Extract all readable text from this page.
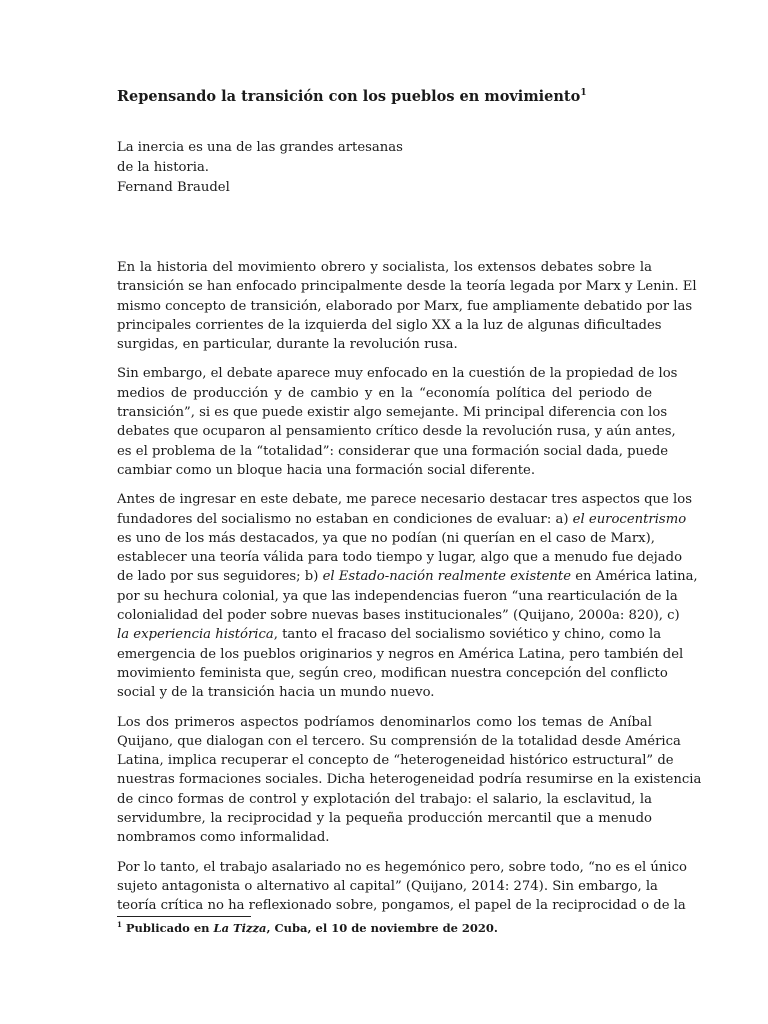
Repensando la transición con los pueblos en movimiento$^1$
La inercia es una de las grandes artesanas
de la historia.
Fernand Braudel

En la historia del movimiento obrero y socialista, los extensos debates sobre la
transición se han enfocado principalmente desde la teoría legada por Marx y Lenin. El
mismo concepto de transición, elaborado por Marx, fue ampliamente debatido por las
principales corrientes de la izquierda del siglo XX a la luz de algunas dificultades
surgidas, en particular, durante la revolución rusa.

Sin embargo, el debate aparece muy enfocado en la cuestión de la propiedad de los
medios de producción y de cambio y en la “economía política del periodo de
transición”, si es que puede existir algo semejante. Mi principal diferencia con los
debates que ocuparon al pensamiento crítico desde la revolución rusa, y aún antes,
es el problema de la “totalidad”: considerar que una formación social dada, puede
cambiar como un bloque hacia una formación social diferente.

Antes de ingresar en este debate, me parece necesario destacar tres aspectos que los
fundadores del socialismo no estaban en condiciones de evaluar: a) el eurocentrismo
es uno de los más destacados, ya que no podían (ni querían en el caso de Marx),
establecer una teoría válida para todo tiempo y lugar, algo que a menudo fue dejado
de lado por sus seguidores; b) el Estado-nación realmente existente en América latina,
por su hechura colonial, ya que las independencias fueron “una rearticulación de la
colonialidad del poder sobre nuevas bases institucionales” (Quijano, 2000a: 820), c)
la experiencia histórica, tanto el fracaso del socialismo soviético y chino, como la
emergencia de los pueblos originarios y negros en América Latina, pero también del
movimiento feminista que, según creo, modifican nuestra concepción del conflicto
social y de la transición hacia un mundo nuevo.

Los dos primeros aspectos podríamos denominarlos como los temas de Aníbal
Quijano, que dialogan con el tercero. Su comprensión de la totalidad desde América
Latina, implica recuperar el concepto de “heterogeneidad histórico estructural” de
nuestras formaciones sociales. Dicha heterogeneidad podría resumirse en la existencia
de cinco formas de control y explotación del trabajo: el salario, la esclavitud, la
servidumbre, la reciprocidad y la pequeña producción mercantil que a menudo
nombramos como informalidad.

Por lo tanto, el trabajo asalariado no es hegemónico pero, sobre todo, “no es el único
sujeto antagonista o alternativo al capital” (Quijano, 2014: 274). Sin embargo, la
teoría crítica no ha reflexionado sobre, pongamos, el papel de la reciprocidad o de la

$^1$ Publicado en La Tizza, Cuba, el 10 de noviembre de 2020.
